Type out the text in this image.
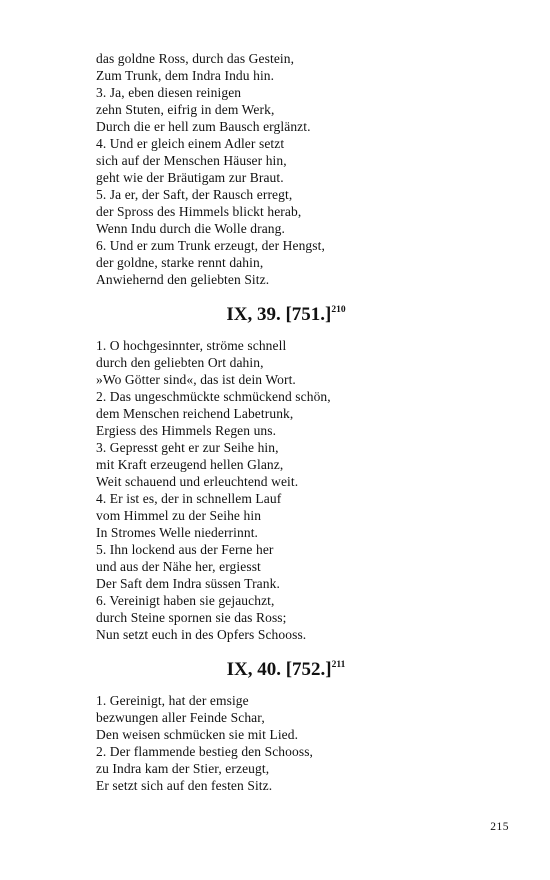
das goldne Ross, durch das Gestein,
Zum Trunk, dem Indra Indu hin.
3. Ja, eben diesen reinigen
zehn Stuten, eifrig in dem Werk,
Durch die er hell zum Bausch erglänzt.
4. Und er gleich einem Adler setzt
sich auf der Menschen Häuser hin,
geht wie der Bräutigam zur Braut.
5. Ja er, der Saft, der Rausch erregt,
der Spross des Himmels blickt herab,
Wenn Indu durch die Wolle drang.
6. Und er zum Trunk erzeugt, der Hengst,
der goldne, starke rennt dahin,
Anwiehernd den geliebten Sitz.
IX, 39. $[751.]^{210}$
1. O hochgesinnter, ströme schnell
durch den geliebten Ort dahin,
»Wo Götter sind«, das ist dein Wort.
2. Das ungeschmückte schmückend schön,
dem Menschen reichend Labetrunk,
Ergiess des Himmels Regen uns.
3. Gepresst geht er zur Seihe hin,
mit Kraft erzeugend hellen Glanz,
Weit schauend und erleuchtend weit.
4. Er ist es, der in schnellem Lauf
vom Himmel zu der Seihe hin
In Stromes Welle niederrinnt.
5. Ihn lockend aus der Ferne her
und aus der Nähe her, ergiesst
Der Saft dem Indra süssen Trank.
6. Vereinigt haben sie gejauchzt,
durch Steine spornen sie das Ross;
Nun setzt euch in des Opfers Schooss.
IX, 40. $[752.]^{211}$
1. Gereinigt, hat der emsige
bezwungen aller Feinde Schar,
Den weisen schmücken sie mit Lied.
2. Der flammende bestieg den Schooss,
zu Indra kam der Stier, erzeugt,
Er setzt sich auf den festen Sitz.
215
